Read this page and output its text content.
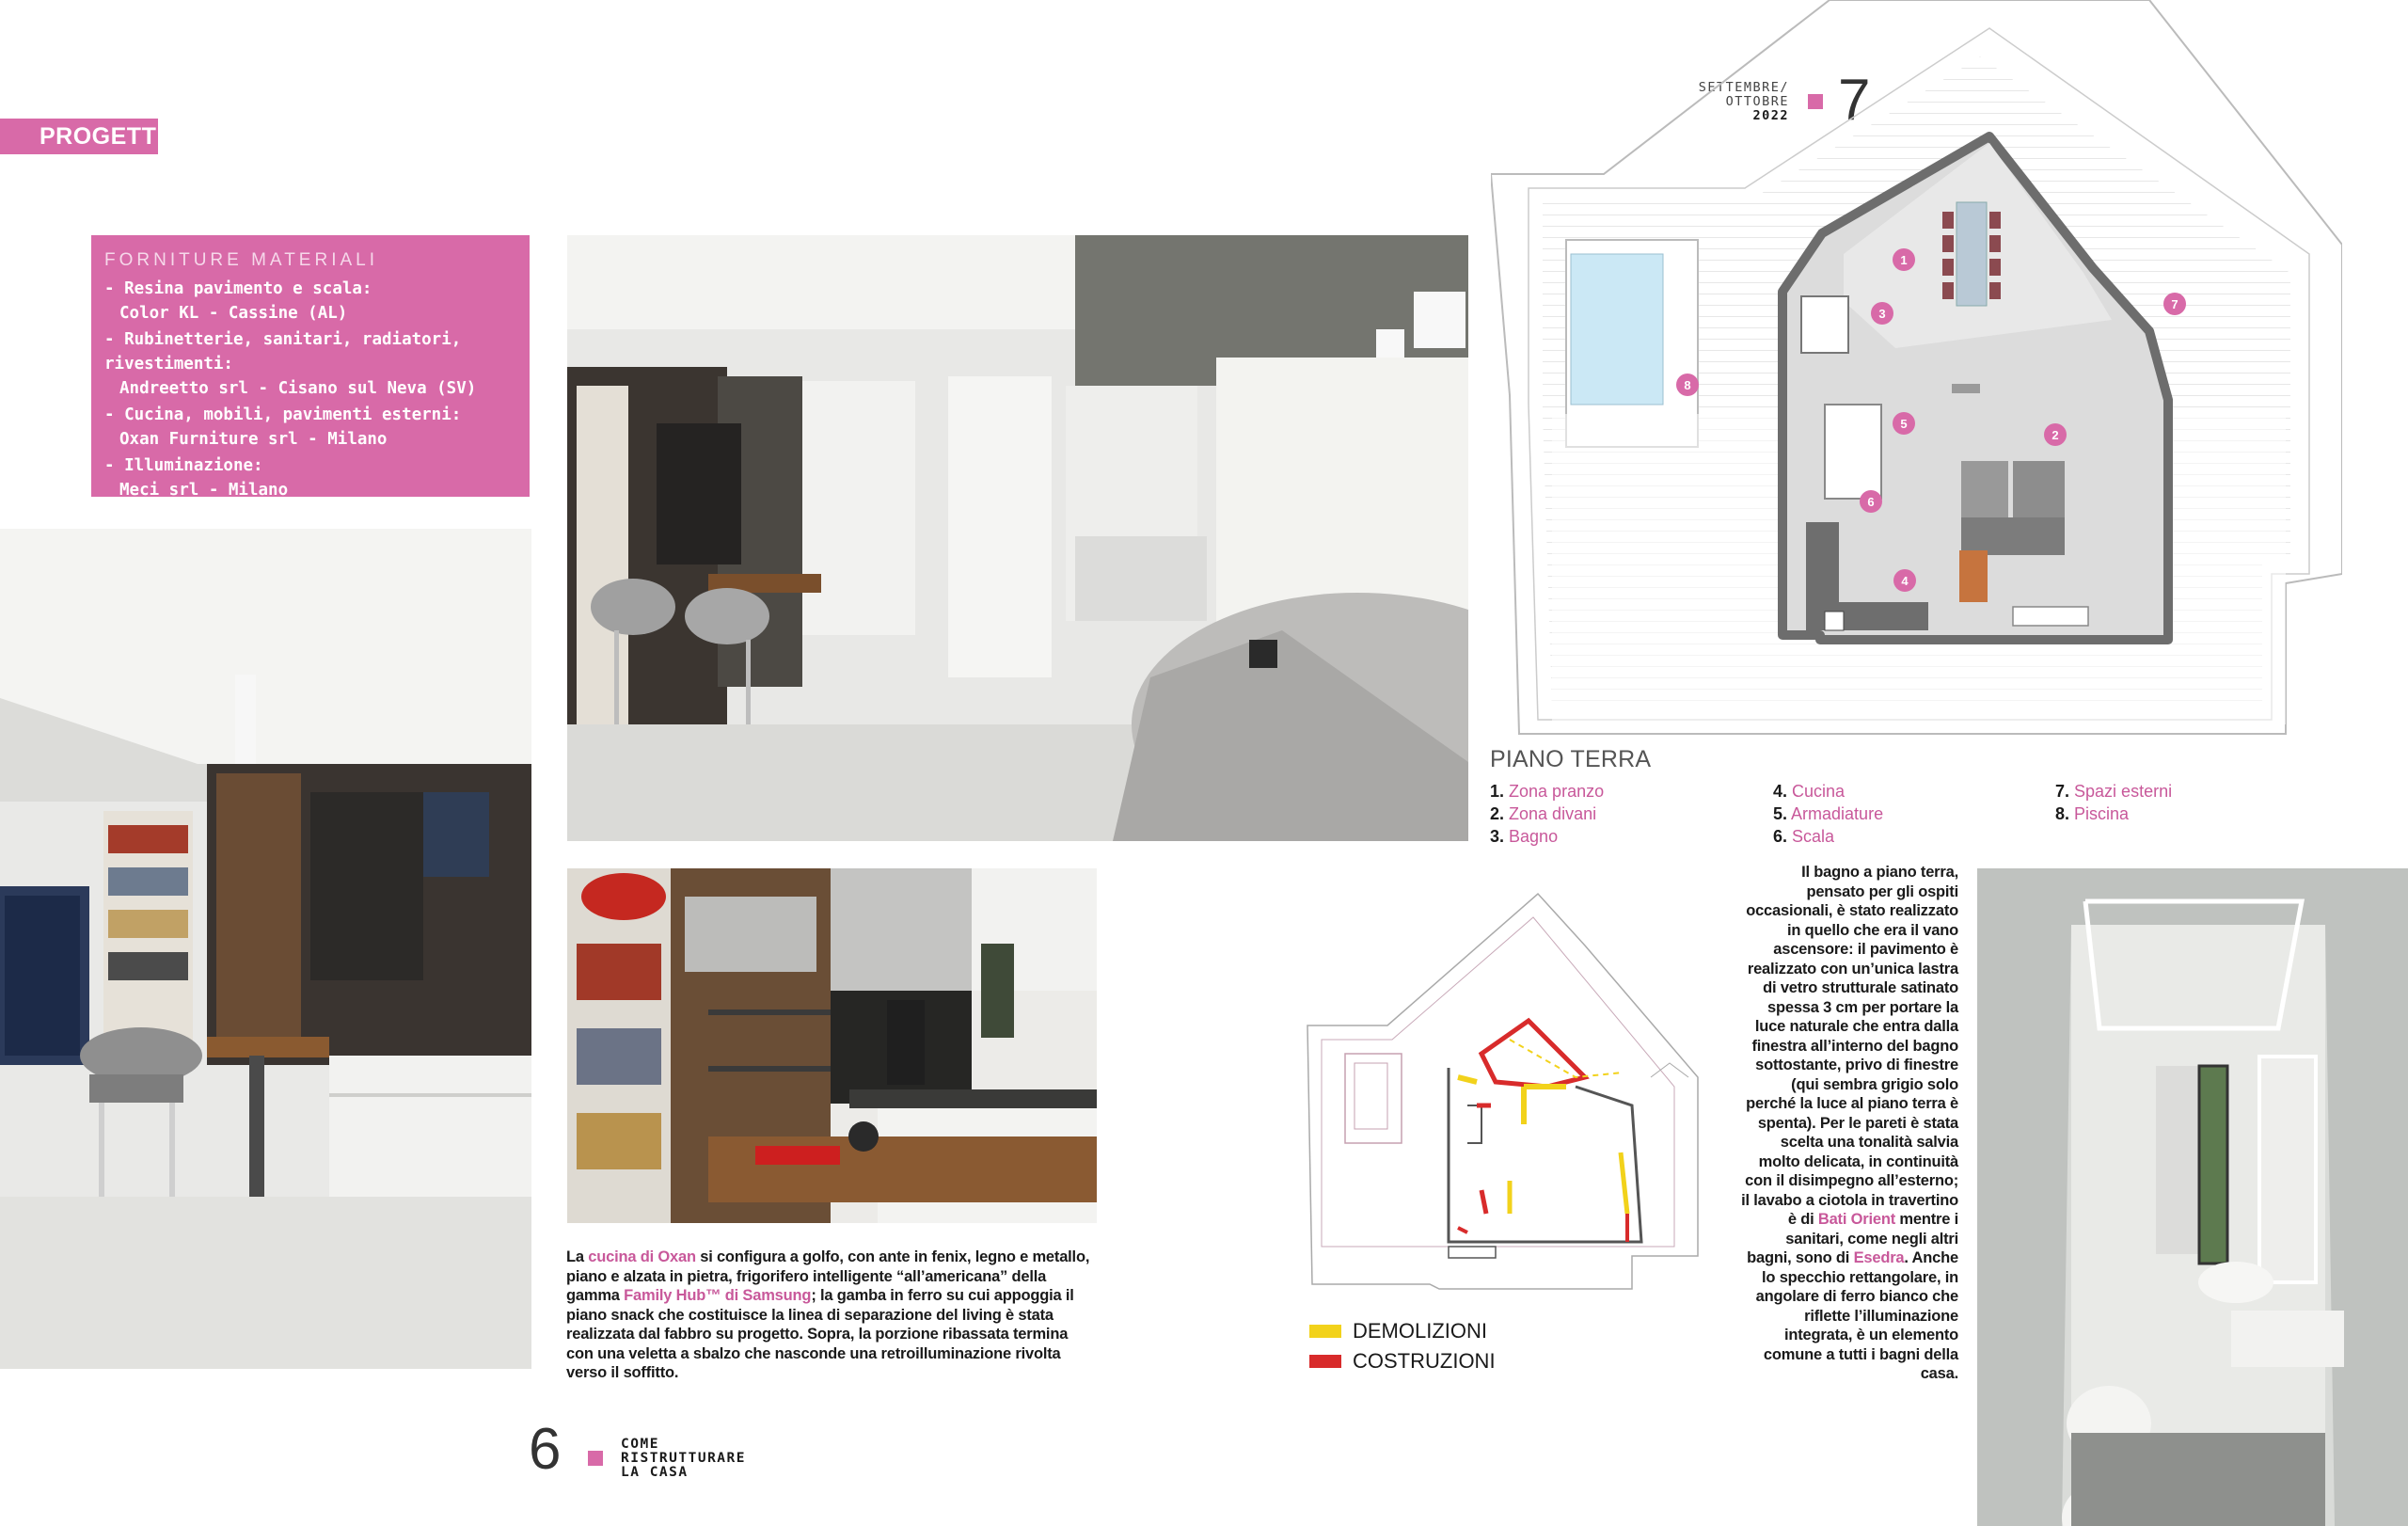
PROGETTI
FORNITURE MATERIALI
- Resina pavimento e scala:
Color KL - Cassine (AL)
- Rubinetterie, sanitari, radiatori, rivestimenti:
Andreetto srl - Cisano sul Neva (SV)
- Cucina, mobili, pavimenti esterni:
Oxan Furniture srl - Milano
- Illuminazione:
Meci srl - Milano
La cucina di Oxan si configura a golfo, con ante in fenix, legno e metallo, piano e alzata in pietra, frigorifero intelligente “all’americana” della gamma Family Hub™ di Samsung; la gamba in ferro su cui appoggia il piano snack che costituisce la linea di separazione del living è stata realizzata dal fabbro su progetto. Sopra, la porzione ribassata termina con una veletta a sbalzo che nasconde una retroilluminazione rivolta verso il soffitto.
6	COME
RISTRUTTURARE
LA CASA
SETTEMBRE/
OTTOBRE
2022 7
1
2
3
4
5
6
7
8
PIANO TERRA
1. Zona pranzo
2. Zona divani
3. Bagno
4. Cucina
5. Armadiature
6. Scala
7. Spazi esterni
8. Piscina
DEMOLIZIONI
COSTRUZIONI
Il bagno a piano terra, pensato per gli ospiti occasionali, è stato realizzato in quello che era il vano ascensore: il pavimento è realizzato con un’unica lastra di vetro strutturale satinato spessa 3 cm per portare la luce naturale che entra dalla finestra all’interno del bagno sottostante, privo di finestre (qui sembra grigio solo perché la luce al piano terra è spenta). Per le pareti è stata scelta una tonalità salvia molto delicata, in continuità con il disimpegno all’esterno; il lavabo a ciotola in travertino è di Bati Orient mentre i sanitari, come negli altri bagni, sono di Esedra. Anche lo specchio rettangolare, in angolare di ferro bianco che riflette l’illuminazione integrata, è un elemento comune a tutti i bagni della casa.
